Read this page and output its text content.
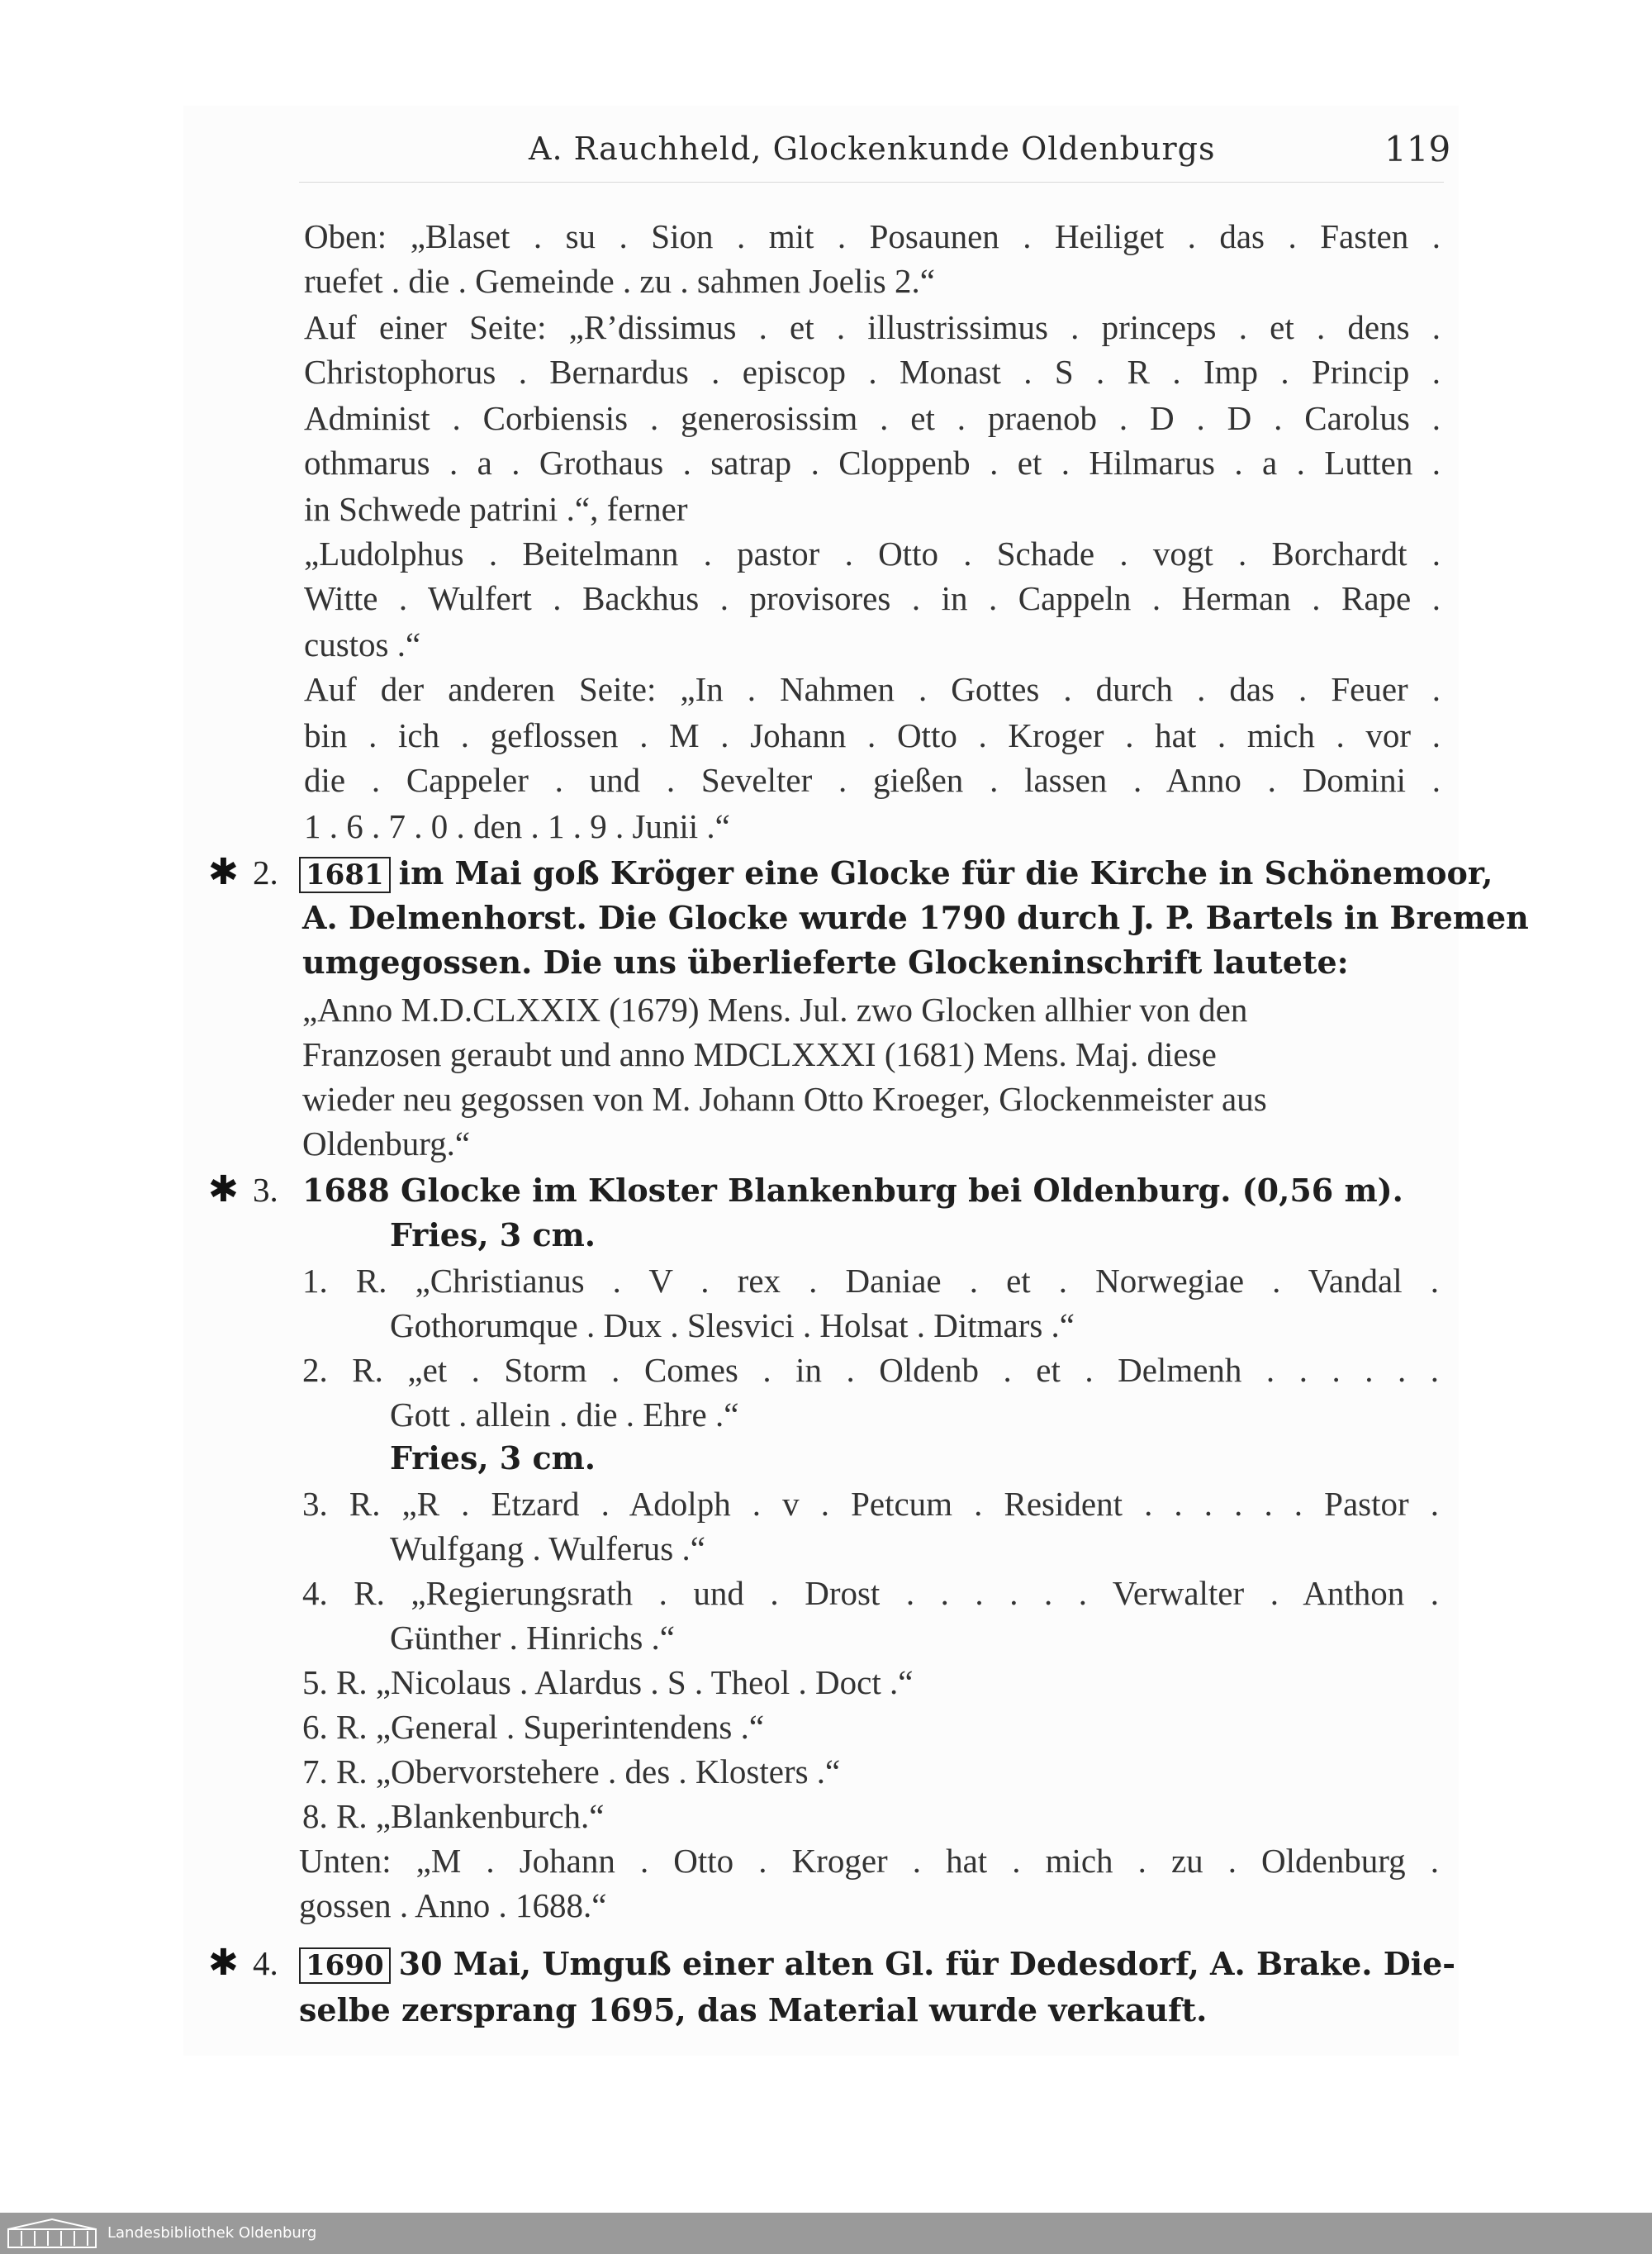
A. Rauchheld, Glockenkunde Oldenburgs	119
Oben: „Blaset . su . Sion . mit . Posaunen . Heiliget . das . Fasten .
ruefet . die . Gemeinde . zu . sahmen Joelis 2.“
Auf einer Seite: „R’dissimus . et . illustrissimus . princeps . et . dens .
Christophorus . Bernardus . episcop . Monast . S . R . Imp . Princip .
Administ . Corbiensis . generosissim . et . praenob . D . D . Carolus .
othmarus . a . Grothaus . satrap . Cloppenb . et . Hilmarus . a . Lutten .
in Schwede patrini .“, ferner
„Ludolphus . Beitelmann . pastor . Otto . Schade . vogt . Borchardt .
Witte . Wulfert . Backhus . provisores . in . Cappeln . Herman . Rape .
custos .“
Auf der anderen Seite: „In . Nahmen . Gottes . durch . das . Feuer .
bin . ich . geflossen . M . Johann . Otto . Kroger . hat . mich . vor .
die . Cappeler . und . Sevelter . gießen . lassen . Anno . Domini .
1 . 6 . 7 . 0 . den . 1 . 9 . Junii .“
✱ 2. 1681 im Mai goß Kröger eine Glocke für die Kirche in Schönemoor,
A. Delmenhorst. Die Glocke wurde 1790 durch J. P. Bartels in Bremen
umgegossen. Die uns überlieferte Glockeninschrift lautete:
„Anno M.D.CLXXIX (1679) Mens. Jul. zwo Glocken allhier von den
Franzosen geraubt und anno MDCLXXXI (1681) Mens. Maj. diese
wieder neu gegossen von M. Johann Otto Kroeger, Glockenmeister aus
Oldenburg.“
✱ 3. 1688 Glocke im Kloster Blankenburg bei Oldenburg. (0,56 m).
Fries, 3 cm.
1. R. „Christianus . V . rex . Daniae . et . Norwegiae . Vandal .
Gothorumque . Dux . Slesvici . Holsat . Ditmars .“
2. R. „et . Storm . Comes . in . Oldenb . et . Delmenh . . . . . .
Gott . allein . die . Ehre .“
Fries, 3 cm.
3. R. „R . Etzard . Adolph . v . Petcum . Resident . . . . . . Pastor .
Wulfgang . Wulferus .“
4. R. „Regierungsrath . und . Drost . . . . . . Verwalter . Anthon .
Günther . Hinrichs .“
5. R. „Nicolaus . Alardus . S . Theol . Doct .“
6. R. „General . Superintendens .“
7. R. „Obervorstehere . des . Klosters .“
8. R. „Blankenburch.“
Unten: „M . Johann . Otto . Kroger . hat . mich . zu . Oldenburg .
gossen . Anno . 1688.“
✱ 4. 1690 30 Mai, Umguß einer alten Gl. für Dedesdorf, A. Brake. Die-
selbe zersprang 1695, das Material wurde verkauft.
Landesbibliothek Oldenburg
